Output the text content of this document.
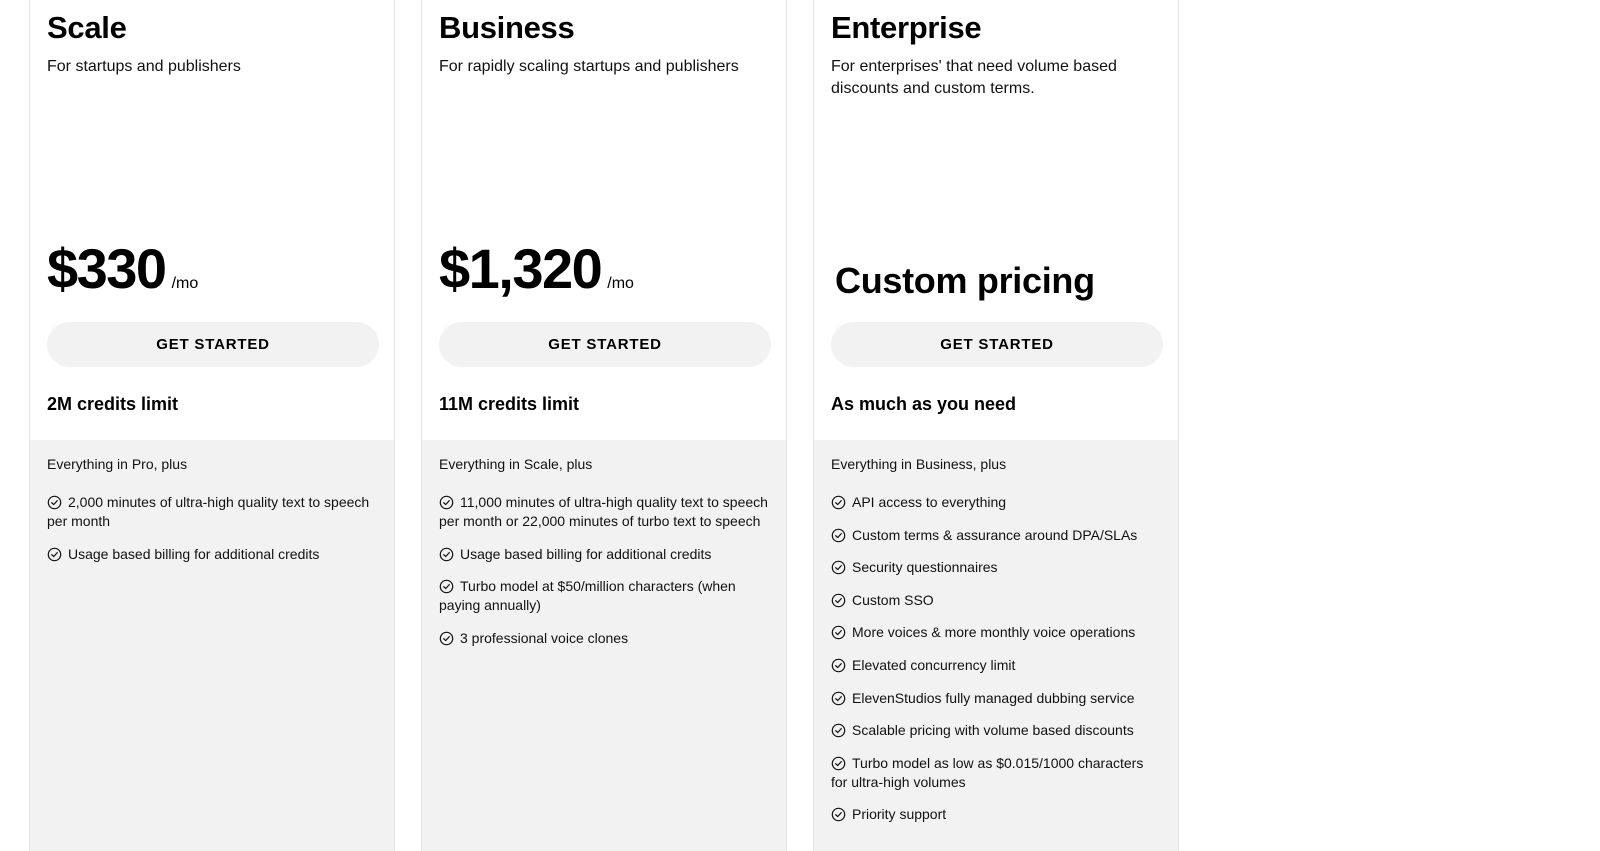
Scale

For startups and publishers

$330 /mo
GET STARTED
2M credits limit

Everything in Pro, plus

2,000 minutes of ultra-high quality text to speech per month
Usage based billing for additional credits
Business

For rapidly scaling startups and publishers

$1,320 /mo
GET STARTED
11M credits limit

Everything in Scale, plus

11,000 minutes of ultra-high quality text to speech per month or 22,000 minutes of turbo text to speech
Usage based billing for additional credits
Turbo model at $50/million characters (when paying annually)
3 professional voice clones
Enterprise

For enterprises' that need volume based discounts and custom terms.

Custom pricing
GET STARTED
As much as you need

Everything in Business, plus

API access to everything
Custom terms & assurance around DPA/SLAs
Security questionnaires
Custom SSO
More voices & more monthly voice operations
Elevated concurrency limit
ElevenStudios fully managed dubbing service
Scalable pricing with volume based discounts
Turbo model as low as $0.015/1000 characters for ultra-high volumes
Priority support
